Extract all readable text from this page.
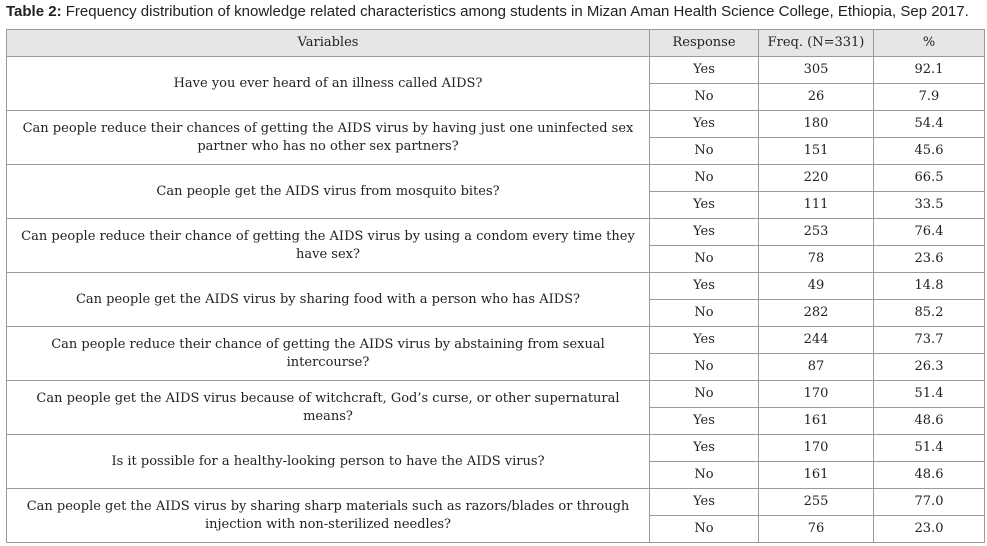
Table 2: Frequency distribution of knowledge related characteristics among students in Mizan Aman Health Science College, Ethiopia, Sep 2017.
Variables	Response	Freq. (N=331)	%
Have you ever heard of an illness called AIDS?	Yes	305	92.1
	No	26	7.9
Can people reduce their chances of getting the AIDS virus by having just one uninfected sex partner who has no other sex partners?	Yes	180	54.4
	No	151	45.6
Can people get the AIDS virus from mosquito bites?	No	220	66.5
	Yes	111	33.5
Can people reduce their chance of getting the AIDS virus by using a condom every time they have sex?	Yes	253	76.4
	No	78	23.6
Can people get the AIDS virus by sharing food with a person who has AIDS?	Yes	49	14.8
	No	282	85.2
Can people reduce their chance of getting the AIDS virus by abstaining from sexual intercourse?	Yes	244	73.7
	No	87	26.3
Can people get the AIDS virus because of witchcraft, God’s curse, or other supernatural means?	No	170	51.4
	Yes	161	48.6
Is it possible for a healthy-looking person to have the AIDS virus?	Yes	170	51.4
	No	161	48.6
Can people get the AIDS virus by sharing sharp materials such as razors/blades or through injection with non-sterilized needles?	Yes	255	77.0
	No	76	23.0
